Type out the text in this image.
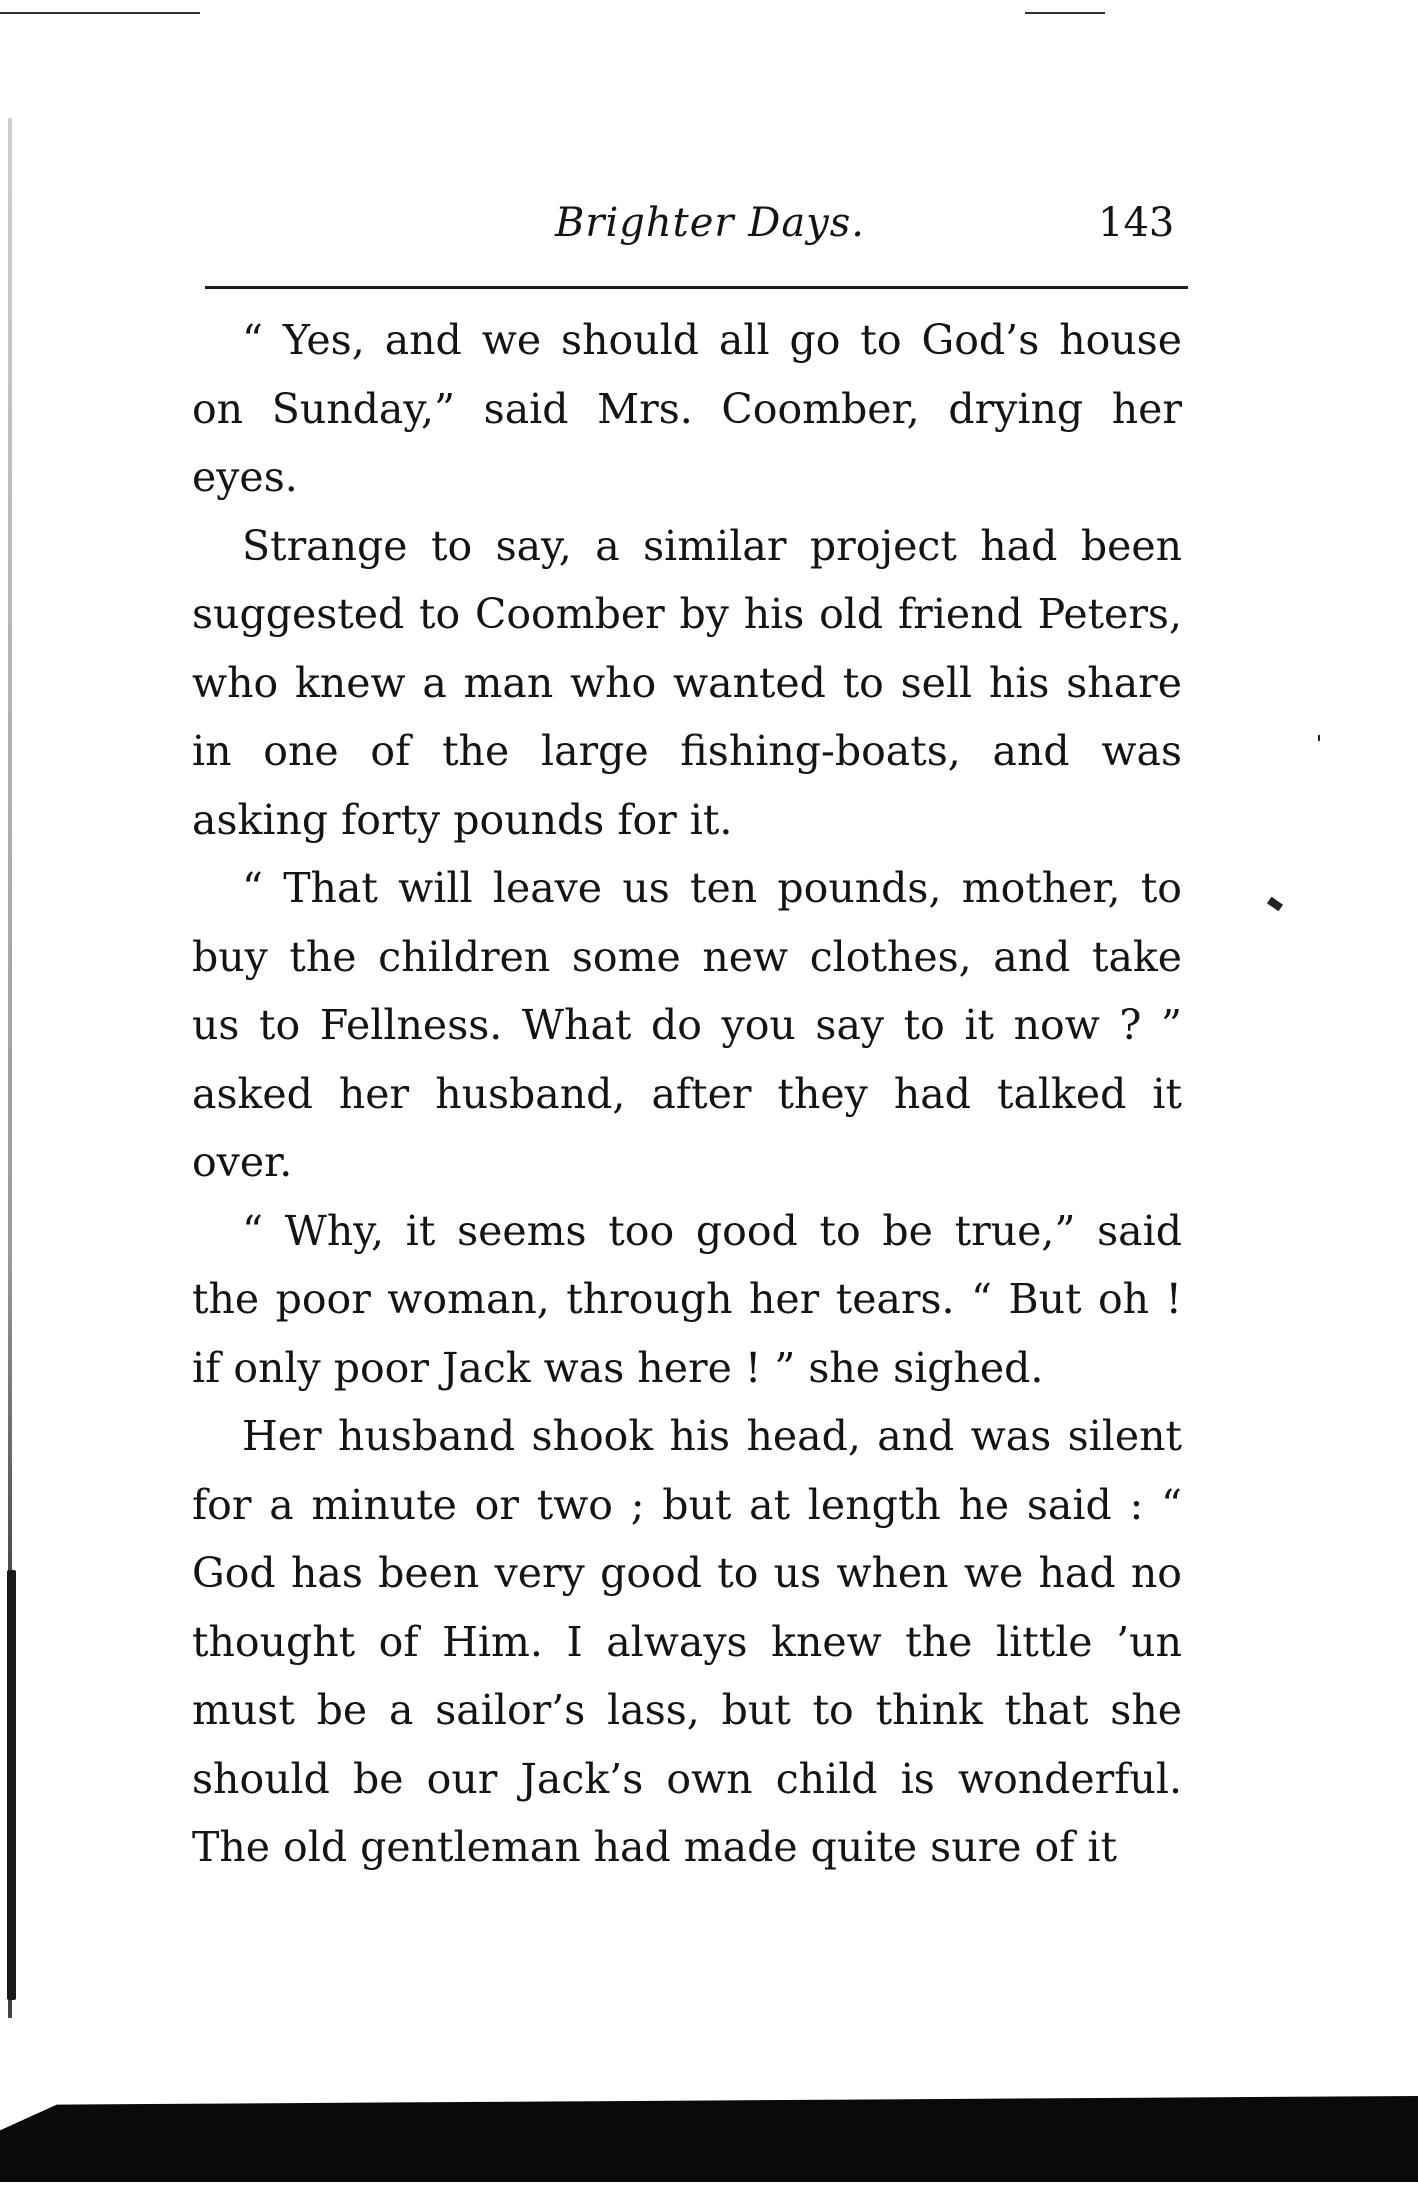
Brighter Days.	143

“ Yes, and we should all go to God’s house on Sunday,” said Mrs. Coomber, drying her eyes.

Strange to say, a similar project had been suggested to Coomber by his old friend Peters, who knew a man who wanted to sell his share in one of the large fishing-boats, and was asking forty pounds for it.

“ That will leave us ten pounds, mother, to buy the children some new clothes, and take us to Fellness. What do you say to it now ? ” asked her husband, after they had talked it over.

“ Why, it seems too good to be true,” said the poor woman, through her tears. “ But oh ! if only poor Jack was here ! ” she sighed.

Her husband shook his head, and was silent for a minute or two ; but at length he said : “ God has been very good to us when we had no thought of Him. I always knew the little ’un must be a sailor’s lass, but to think that she should be our Jack’s own child is wonderful. The old gentleman had made quite sure of it
